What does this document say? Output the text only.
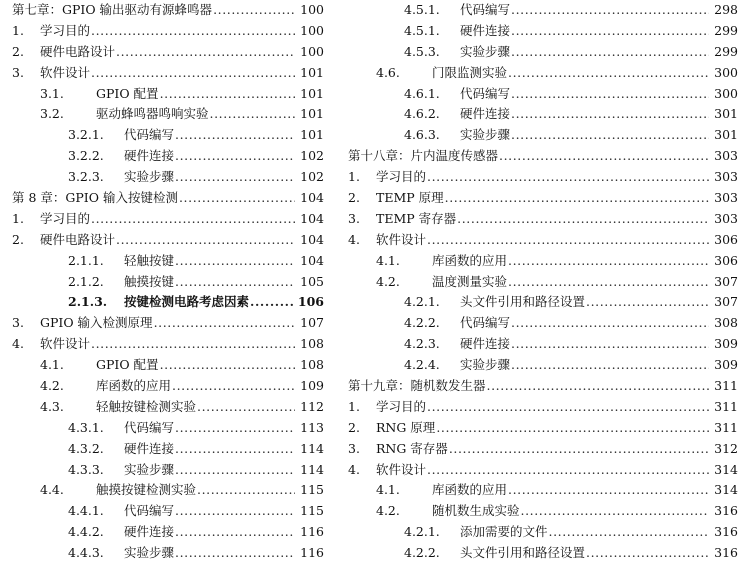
第七章：GPIO 输出驱动有源蜂鸣器 .....	100
1. 学习目的 .....	100
2. 硬件电路设计 .....	100
3. 软件设计 .....	101
3.1.	GPIO 配置 .....	101
3.2.	驱动蜂鸣器鸣响实验 .....	101
3.2.1. 代码编写 .....	101
3.2.2. 硬件连接 .....	102
3.2.3. 实验步骤 .....	102
第 8 章：GPIO 输入按键检测 .....	104
1. 学习目的 .....	104
2. 硬件电路设计 .....	104
2.1.1. 轻触按键 .....	104
2.1.2. 触摸按键 .....	105
2.1.3. 按键检测电路考虑因素 .....	106
3. GPIO 输入检测原理 .....	107
4. 软件设计 .....	108
4.1.	GPIO 配置 .....	108
4.2.	库函数的应用 .....	109
4.3.	轻触按键检测实验 .....	112
4.3.1. 代码编写 .....	113
4.3.2. 硬件连接 .....	114
4.3.3. 实验步骤 .....	114
4.4.	触摸按键检测实验 .....	115
4.4.1. 代码编写 .....	115
4.4.2. 硬件连接 .....	116
4.4.3. 实验步骤 .....	116
4.5.1. 代码编写 .....	298
4.5.1. 硬件连接 .....	299
4.5.3. 实验步骤 .....	299
4.6.	门限监测实验 .....	300
4.6.1. 代码编写 .....	300
4.6.2. 硬件连接 .....	301
4.6.3. 实验步骤 .....	301
第十八章：片内温度传感器 .....	303
1. 学习目的 .....	303
2. TEMP 原理 .....	303
3. TEMP 寄存器 .....	303
4. 软件设计 .....	306
4.1.	库函数的应用 .....	306
4.2.	温度测量实验 .....	307
4.2.1. 头文件引用和路径设置 .....	307
4.2.2. 代码编写 .....	308
4.2.3. 硬件连接 .....	309
4.2.4. 实验步骤 .....	309
第十九章：随机数发生器 .....	311
1. 学习目的 .....	311
2. RNG 原理 .....	311
3. RNG 寄存器 .....	312
4. 软件设计 .....	314
4.1.	库函数的应用 .....	314
4.2.	随机数生成实验 .....	316
4.2.1. 添加需要的文件 .....	316
4.2.2. 头文件引用和路径设置 .....	316
